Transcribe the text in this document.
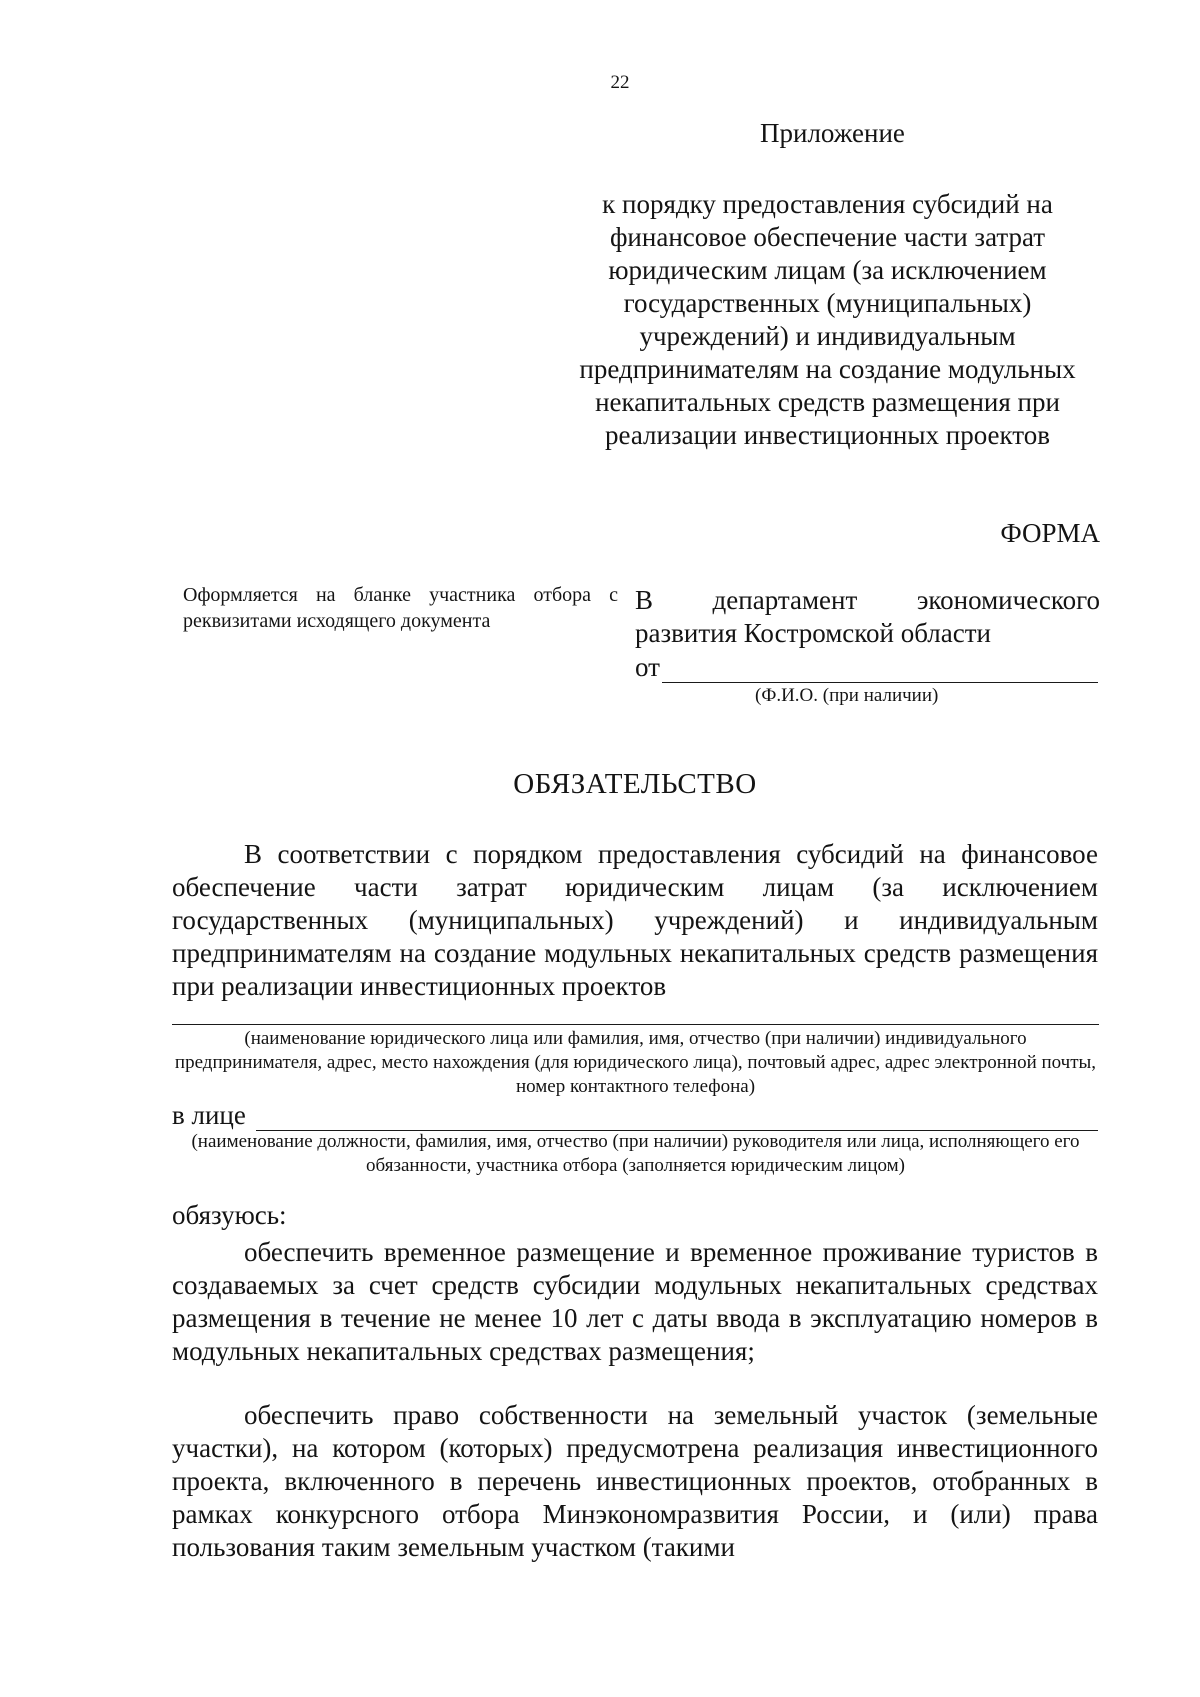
22
Приложение
к порядку предоставления субсидий на финансовое обеспечение части затрат юридическим лицам (за исключением государственных (муниципальных) учреждений) и индивидуальным предпринимателям на создание модульных некапитальных средств размещения при реализации инвестиционных проектов
ФОРМА
Оформляется на бланке участника отбора с реквизитами исходящего документа
В департамент экономического развития Костромской области
от
(Ф.И.О. (при наличии)
ОБЯЗАТЕЛЬСТВО
В соответствии с порядком предоставления субсидий на финансовое обеспечение части затрат юридическим лицам (за исключением государственных (муниципальных) учреждений) и индивидуальным предпринимателям на создание модульных некапитальных средств размещения при реализации инвестиционных проектов
(наименование юридического лица или фамилия, имя, отчество (при наличии) индивидуального предпринимателя, адрес, место нахождения (для юридического лица), почтовый адрес, адрес электронной почты, номер контактного телефона)
в лице
(наименование должности, фамилия, имя, отчество (при наличии) руководителя или лица, исполняющего его обязанности, участника отбора (заполняется юридическим лицом)
обязуюсь:
обеспечить временное размещение и временное проживание туристов в создаваемых за счет средств субсидии модульных некапитальных средствах размещения в течение не менее 10 лет с даты ввода в эксплуатацию номеров в модульных некапитальных средствах размещения;
обеспечить право собственности на земельный участок (земельные участки), на котором (которых) предусмотрена реализация инвестиционного проекта, включенного в перечень инвестиционных проектов, отобранных в рамках конкурсного отбора Минэкономразвития России, и (или) права пользования таким земельным участком (такими
